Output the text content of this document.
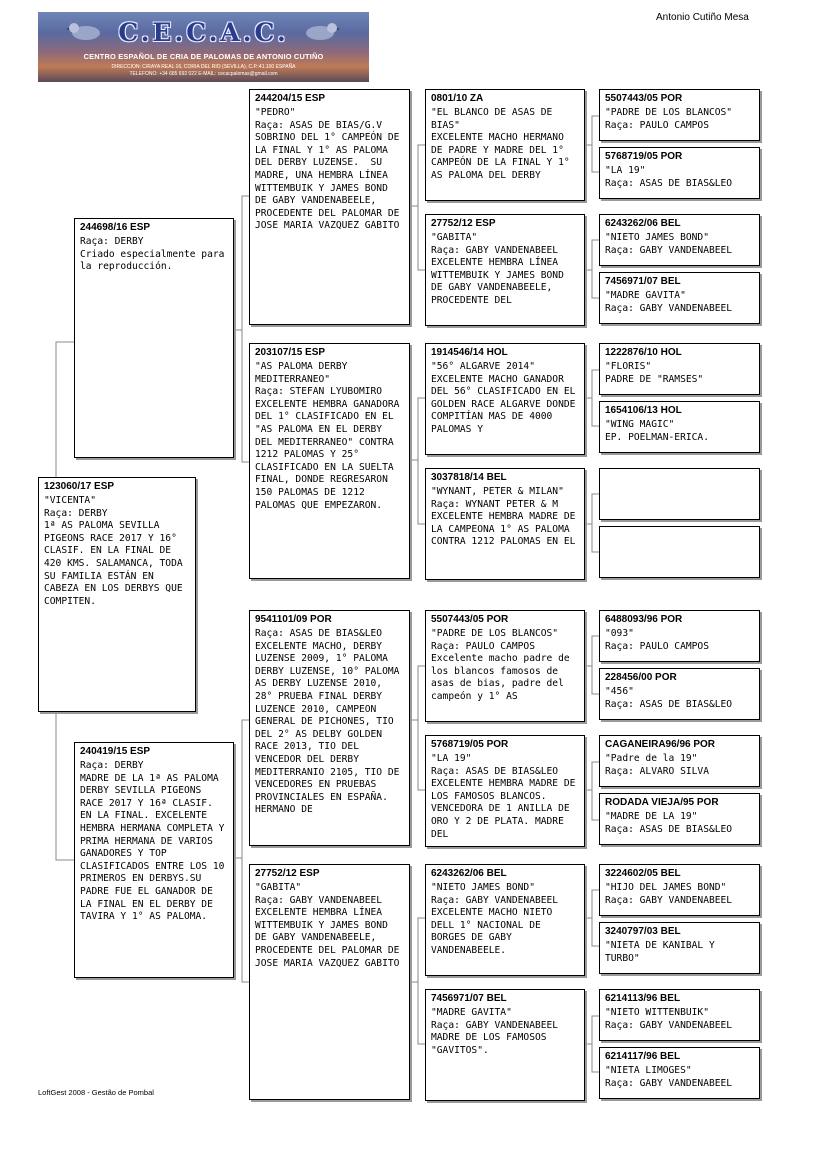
C.E.C.A.C.
CENTRO ESPAÑOL DE CRIA DE PALOMAS DE ANTONIO CUTIÑO
DIRECCION: C/RAYA REAL 16, CORIA DEL RIO (SEVILLA), C.P.:41.100 ESPAÑA
TELEFONO: +34 685 692 022 E-MAIL: cecacpalomas@gmail.com
Antonio Cutiño Mesa
123060/17 ESP
"VICENTA"
Raça: DERBY
1ª AS PALOMA SEVILLA PIGEONS RACE 2017 Y 16° CLASIF. EN LA FINAL DE 420 KMS. SALAMANCA, TODA SU FAMILIA ESTÁN EN CABEZA EN LOS DERBYS QUE COMPITEN.
244698/16 ESP
Raça: DERBY
Criado especialmente para la reproducción.
240419/15 ESP
Raça: DERBY
MADRE DE LA 1ª AS PALOMA DERBY SEVILLA PIGEONS RACE 2017 Y 16ª CLASIF. EN LA FINAL. EXCELENTE HEMBRA HERMANA COMPLETA Y PRIMA HERMANA DE VARIOS GANADORES Y TOP CLASIFICADOS ENTRE LOS 10 PRIMEROS EN DERBYS.SU PADRE FUE EL GANADOR DE LA FINAL EN EL DERBY DE TAVIRA Y 1° AS PALOMA.
244204/15 ESP
"PEDRO"
Raça: ASAS DE BIAS/G.V SOBRINO DEL 1° CAMPEÓN DE LA FINAL Y 1° AS PALOMA DEL DERBY LUZENSE.  SU MADRE, UNA HEMBRA LÍNEA WITTEMBUIK Y JAMES BOND DE GABY VANDENABEELE, PROCEDENTE DEL PALOMAR DE JOSE MARIA VAZQUEZ GABITO
203107/15 ESP
"AS PALOMA DERBY MEDITERRANEO"
Raça: STEFAN LYUBOMIRO EXCELENTE HEMBRA GANADORA DEL 1° CLASIFICADO EN EL "AS PALOMA EN EL DERBY DEL MEDITERRANEO" CONTRA 1212 PALOMAS Y 25° CLASIFICADO EN LA SUELTA FINAL, DONDE REGRESARON 150 PALOMAS DE 1212 PALOMAS QUE EMPEZARON.
9541101/09 POR
Raça: ASAS DE BIAS&LEO EXCELENTE MACHO, DERBY LUZENSE 2009, 1° PALOMA DERBY LUZENSE, 10° PALOMA AS DERBY LUZENSE 2010, 28° PRUEBA FINAL DERBY LUZENCE 2010, CAMPEON GENERAL DE PICHONES, TIO DEL 2° AS DELBY GOLDEN RACE 2013, TIO DEL VENCEDOR DEL DERBY MEDITERRANIO 2105, TIO DE VENCEDORES EN PRUEBAS PROVINCIALES EN ESPAÑA. HERMANO DE
27752/12 ESP
"GABITA"
Raça: GABY VANDENABEEL EXCELENTE HEMBRA LÍNEA WITTEMBUIK Y JAMES BOND DE GABY VANDENABEELE, PROCEDENTE DEL PALOMAR DE JOSE MARIA VAZQUEZ GABITO
0801/10 ZA
"EL BLANCO DE ASAS DE BIAS"
EXCELENTE MACHO HERMANO DE PADRE Y MADRE DEL 1° CAMPEÓN DE LA FINAL Y 1° AS PALOMA DEL DERBY
27752/12 ESP
"GABITA"
Raça: GABY VANDENABEEL EXCELENTE HEMBRA LÍNEA WITTEMBUIK Y JAMES BOND DE GABY VANDENABEELE, PROCEDENTE DEL
1914546/14 HOL
"56° ALGARVE 2014"
EXCELENTE MACHO GANADOR DEL 56° CLASIFICADO EN EL GOLDEN RACE ALGARVE DONDE COMPITÍAN MAS DE 4000 PALOMAS Y
3037818/14 BEL
"WYNANT, PETER & MILAN"
Raça: WYNANT PETER & M EXCELENTE HEMBRA MADRE DE LA CAMPEONA 1° AS PALOMA CONTRA 1212 PALOMAS EN EL
5507443/05 POR
"PADRE DE LOS BLANCOS"
Raça: PAULO CAMPOS Excelente macho padre de los blancos famosos de asas de bias, padre del campeón y 1° AS
5768719/05 POR
"LA 19"
Raça: ASAS DE BIAS&LEO EXCELENTE HEMBRA MADRE DE LOS FAMOSOS BLANCOS. VENCEDORA DE 1 ANILLA DE ORO Y 2 DE PLATA. MADRE DEL
6243262/06 BEL
"NIETO JAMES BOND"
Raça: GABY VANDENABEEL EXCELENTE MACHO NIETO DELL 1° NACIONAL DE BORGES DE GABY VANDENABEELE.
7456971/07 BEL
"MADRE GAVITA"
Raça: GABY VANDENABEEL MADRE DE LOS FAMOSOS "GAVITOS".
5507443/05 POR
"PADRE DE LOS BLANCOS"
Raça: PAULO CAMPOS
5768719/05 POR
"LA 19"
Raça: ASAS DE BIAS&LEO
6243262/06 BEL
"NIETO JAMES BOND"
Raça: GABY VANDENABEEL
7456971/07 BEL
"MADRE GAVITA"
Raça: GABY VANDENABEEL
1222876/10 HOL
"FLORIS"
PADRE DE "RAMSES"
1654106/13 HOL
"WING MAGIC"
EP. POELMAN-ERICA.
6488093/96 POR
"093"
Raça: PAULO CAMPOS
228456/00 POR
"456"
Raça: ASAS DE BIAS&LEO
CAGANEIRA96/96 POR
"Padre de la 19"
Raça: ALVARO SILVA
RODADA VIEJA/95 POR
"MADRE DE LA 19"
Raça: ASAS DE BIAS&LEO
3224602/05 BEL
"HIJO DEL JAMES BOND"
Raça: GABY VANDENABEEL
3240797/03 BEL
"NIETA DE KANIBAL Y TURBO"
6214113/96 BEL
"NIETO WITTENBUIK"
Raça: GABY VANDENABEEL
6214117/96 BEL
"NIETA LIMOGES"
Raça: GABY VANDENABEEL
LoftGest 2008 - Gestão de Pombal
